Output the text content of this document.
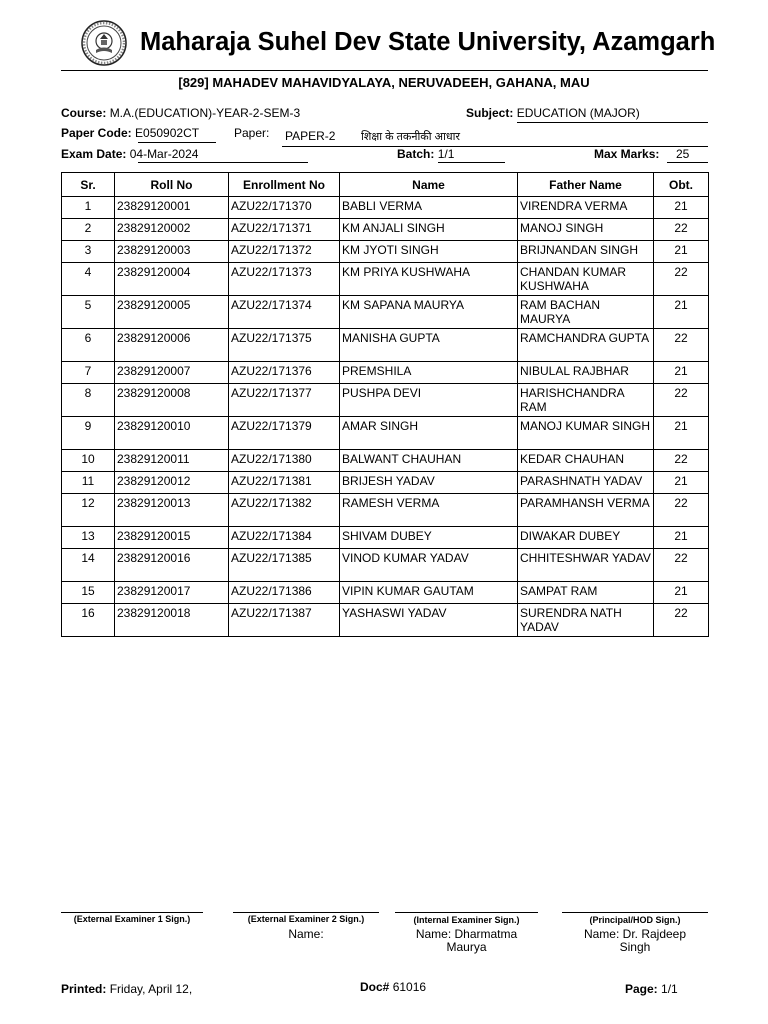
Maharaja Suhel Dev State University, Azamgarh
[829] MAHADEV MAHAVIDYALAYA, NERUVADEEH, GAHANA, MAU
Course: M.A.(EDUCATION)-YEAR-2-SEM-3	Subject: EDUCATION (MAJOR)
Paper Code: E050902CT	Paper: PAPER-2 शिक्षा के तकनीकी आधार
Exam Date: 04-Mar-2024	Batch: 1/1	Max Marks: 25
Sr.	Roll No	Enrollment No	Name	Father Name	Obt.
1	23829120001	AZU22/171370	BABLI VERMA	VIRENDRA VERMA	21
2	23829120002	AZU22/171371	KM ANJALI SINGH	MANOJ SINGH	22
3	23829120003	AZU22/171372	KM JYOTI SINGH	BRIJNANDAN SINGH	21
4	23829120004	AZU22/171373	KM PRIYA KUSHWAHA	CHANDAN KUMAR KUSHWAHA	22
5	23829120005	AZU22/171374	KM SAPANA MAURYA	RAM BACHAN MAURYA	21
6	23829120006	AZU22/171375	MANISHA GUPTA	RAMCHANDRA GUPTA	22
7	23829120007	AZU22/171376	PREMSHILA	NIBULAL RAJBHAR	21
8	23829120008	AZU22/171377	PUSHPA DEVI	HARISHCHANDRA RAM	22
9	23829120010	AZU22/171379	AMAR SINGH	MANOJ KUMAR SINGH	21
10	23829120011	AZU22/171380	BALWANT CHAUHAN	KEDAR CHAUHAN	22
11	23829120012	AZU22/171381	BRIJESH YADAV	PARASHNATH YADAV	21
12	23829120013	AZU22/171382	RAMESH VERMA	PARAMHANSH VERMA	22
13	23829120015	AZU22/171384	SHIVAM DUBEY	DIWAKAR DUBEY	21
14	23829120016	AZU22/171385	VINOD KUMAR YADAV	CHHITESHWAR YADAV	22
15	23829120017	AZU22/171386	VIPIN KUMAR GAUTAM	SAMPAT RAM	21
16	23829120018	AZU22/171387	YASHASWI YADAV	SURENDRA NATH YADAV	22
(External Examiner 1 Sign.)	(External Examiner 2 Sign.)
Name:
(Internal Examiner Sign.)
Name: Dharmatma Maurya
(Principal/HOD Sign.)
Name: Dr. Rajdeep Singh
Printed: Friday, April 12,	Doc# 61016	Page: 1/1
